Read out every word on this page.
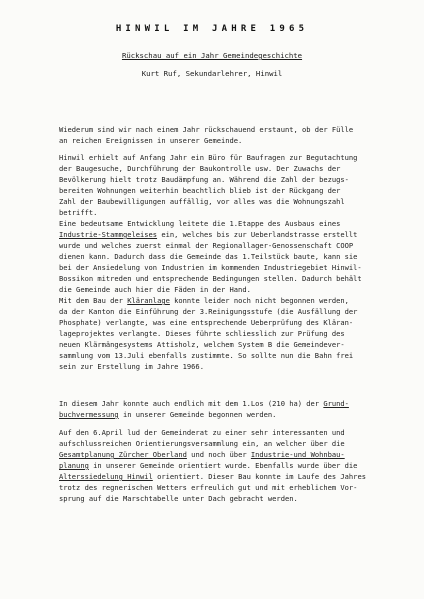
HINWIL IM JAHRE 1965
Rückschau auf ein Jahr Gemeindegeschichte
Kurt Ruf, Sekundarlehrer, Hinwil
Wiederum sind wir nach einem Jahr rückschauend erstaunt, ob der Fülle
an reichen Ereignissen in unserer Gemeinde.
Hinwil erhielt auf Anfang Jahr ein Büro für Baufragen zur Begutachtung
der Baugesuche, Durchführung der Baukontrolle usw. Der Zuwachs der
Bevölkerung hielt trotz Baudämpfung an. Während die Zahl der bezugs-
bereiten Wohnungen weiterhin beachtlich blieb ist der Rückgang der
Zahl der Baubewilligungen auffällig, vor alles was die Wohnungszahl
betrifft.
Eine bedeutsame Entwicklung leitete die 1.Etappe des Ausbaus eines
Industrie-Stammgeleises ein, welches bis zur Ueberlandstrasse erstellt
wurde und welches zuerst einmal der Regionallager-Genossenschaft COOP
dienen kann. Dadurch dass die Gemeinde das 1.Teilstück baute, kann sie
bei der Ansiedelung von Industrien im kommenden Industriegebiet Hinwil-
Bossikon mitreden und entsprechende Bedingungen stellen. Dadurch behält
die Gemeinde auch hier die Fäden in der Hand.
Mit dem Bau der Kläranlage konnte leider noch nicht begonnen werden,
da der Kanton die Einführung der 3.Reinigungsstufe (die Ausfällung der
Phosphate) verlangte, was eine entsprechende Ueberprüfung des Kläran-
lageprojektes verlangte. Dieses führte schliesslich zur Prüfung des
neuen Klärmängesystems Attisholz, welchem System B die Gemeindever-
sammlung vom 13.Juli ebenfalls zustimmte. So sollte nun die Bahn frei
sein zur Erstellung im Jahre 1966.
In diesem Jahr konnte auch endlich mit dem 1.Los (210 ha) der Grund-
buchvermessung in unserer Gemeinde begonnen werden.
Auf den 6.April lud der Gemeinderat zu einer sehr interessanten und
aufschlussreichen Orientierungsversammlung ein, an welcher über die
Gesamtplanung Zürcher Oberland und noch über Industrie-und Wohnbau-
planung in unserer Gemeinde orientiert wurde. Ebenfalls wurde über die
Alterssiedelung Hinwil orientiert. Dieser Bau konnte im Laufe des Jahres
trotz des regnerischen Wetters erfreulich gut und mit erheblichem Vor-
sprung auf die Marschtabelle unter Dach gebracht werden.
